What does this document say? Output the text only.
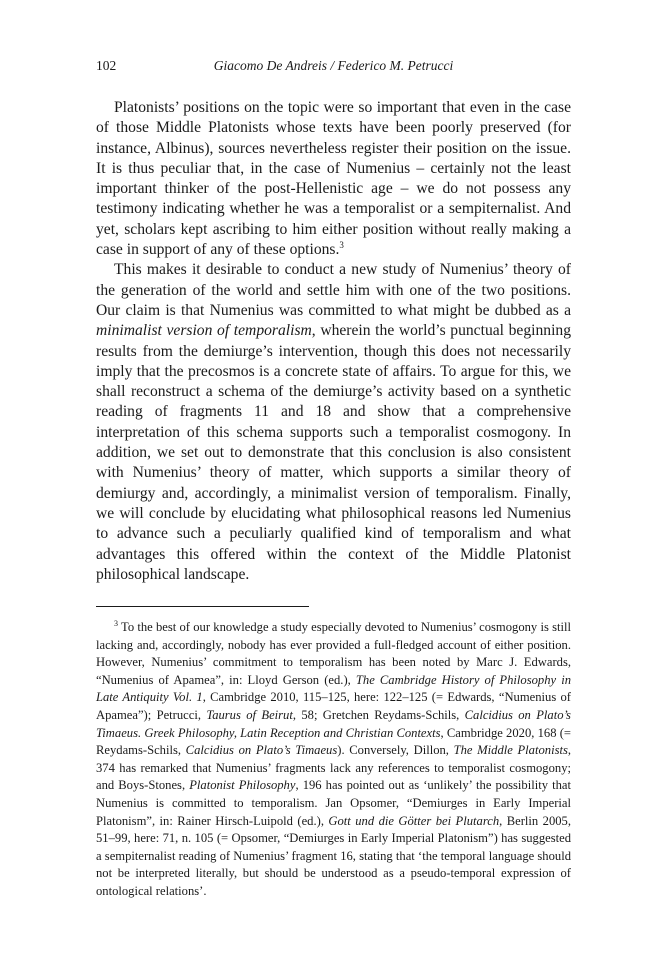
102	Giacomo De Andreis / Federico M. Petrucci

Platonists’ positions on the topic were so important that even in the case of those Middle Platonists whose texts have been poorly preserved (for instance, Albinus), sources nevertheless register their position on the issue. It is thus peculiar that, in the case of Numenius – certainly not the least important thinker of the post-Hellenistic age – we do not possess any testimony indicating whether he was a temporalist or a sempiternalist. And yet, scholars kept ascribing to him either position without really making a case in support of any of these options.$^3$

This makes it desirable to conduct a new study of Numenius’ theory of the generation of the world and settle him with one of the two positions. Our claim is that Numenius was committed to what might be dubbed as a minimalist version of temporalism, wherein the world’s punctual beginning results from the demiurge’s intervention, though this does not necessarily imply that the precosmos is a concrete state of affairs. To argue for this, we shall reconstruct a schema of the demiurge’s activity based on a synthetic reading of fragments 11 and 18 and show that a comprehensive interpretation of this schema supports such a temporalist cosmogony. In addition, we set out to demonstrate that this conclusion is also consistent with Numenius’ theory of matter, which supports a similar theory of demiurgy and, accordingly, a minimalist version of temporalism. Finally, we will conclude by elucidating what philosophical reasons led Numenius to advance such a peculiarly qualified kind of temporalism and what advantages this offered within the context of the Middle Platonist philosophical landscape.

$^3$ To the best of our knowledge a study especially devoted to Numenius’ cosmogony is still lacking and, accordingly, nobody has ever provided a full-fledged account of either position. However, Numenius’ commitment to temporalism has been noted by Marc J. Edwards, “Numenius of Apamea”, in: Lloyd Gerson (ed.), The Cambridge History of Philosophy in Late Antiquity Vol. 1, Cambridge 2010, 115–125, here: 122–125 (= Edwards, “Numenius of Apamea”); Petrucci, Taurus of Beirut, 58; Gretchen Reydams-Schils, Calcidius on Plato’s Timaeus. Greek Philosophy, Latin Reception and Christian Contexts, Cambridge 2020, 168 (= Reydams-Schils, Calcidius on Plato’s Timaeus). Conversely, Dillon, The Middle Platonists, 374 has remarked that Numenius’ fragments lack any references to temporalist cosmogony; and Boys-Stones, Platonist Philosophy, 196 has pointed out as ‘unlikely’ the possibility that Numenius is committed to temporalism. Jan Opsomer, “Demiurges in Early Imperial Platonism”, in: Rainer Hirsch-Luipold (ed.), Gott und die Götter bei Plutarch, Berlin 2005, 51–99, here: 71, n. 105 (= Opsomer, “Demiurges in Early Imperial Platonism”) has suggested a sempiternalist reading of Numenius’ fragment 16, stating that ‘the temporal language should not be interpreted literally, but should be understood as a pseudo-temporal expression of ontological relations’.
